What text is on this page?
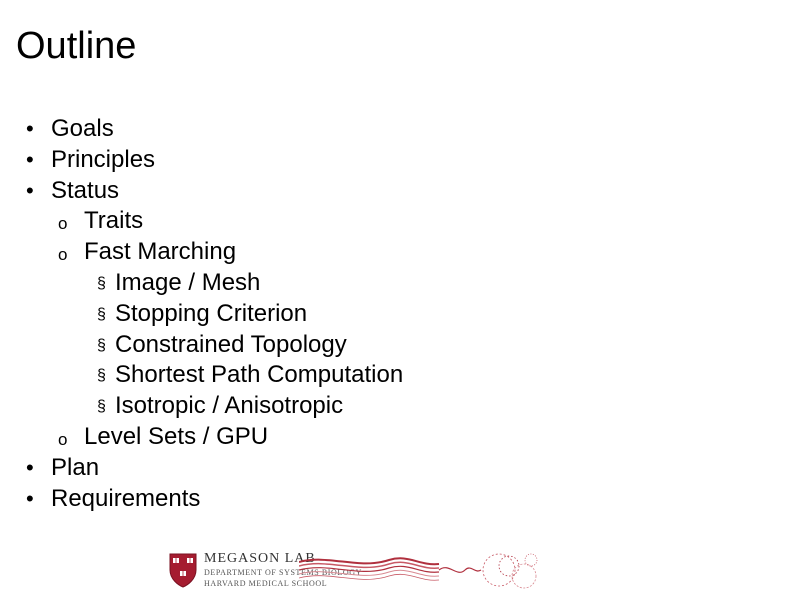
Outline
• Goals
• Principles
• Status
o Traits
o Fast Marching
§ Image / Mesh
§ Stopping Criterion
§ Constrained Topology
§ Shortest Path Computation
§ Isotropic / Anisotropic
o Level Sets / GPU
• Plan
• Requirements
MEGASON LAB
DEPARTMENT OF SYSTEMS BIOLOGY
HARVARD MEDICAL SCHOOL
